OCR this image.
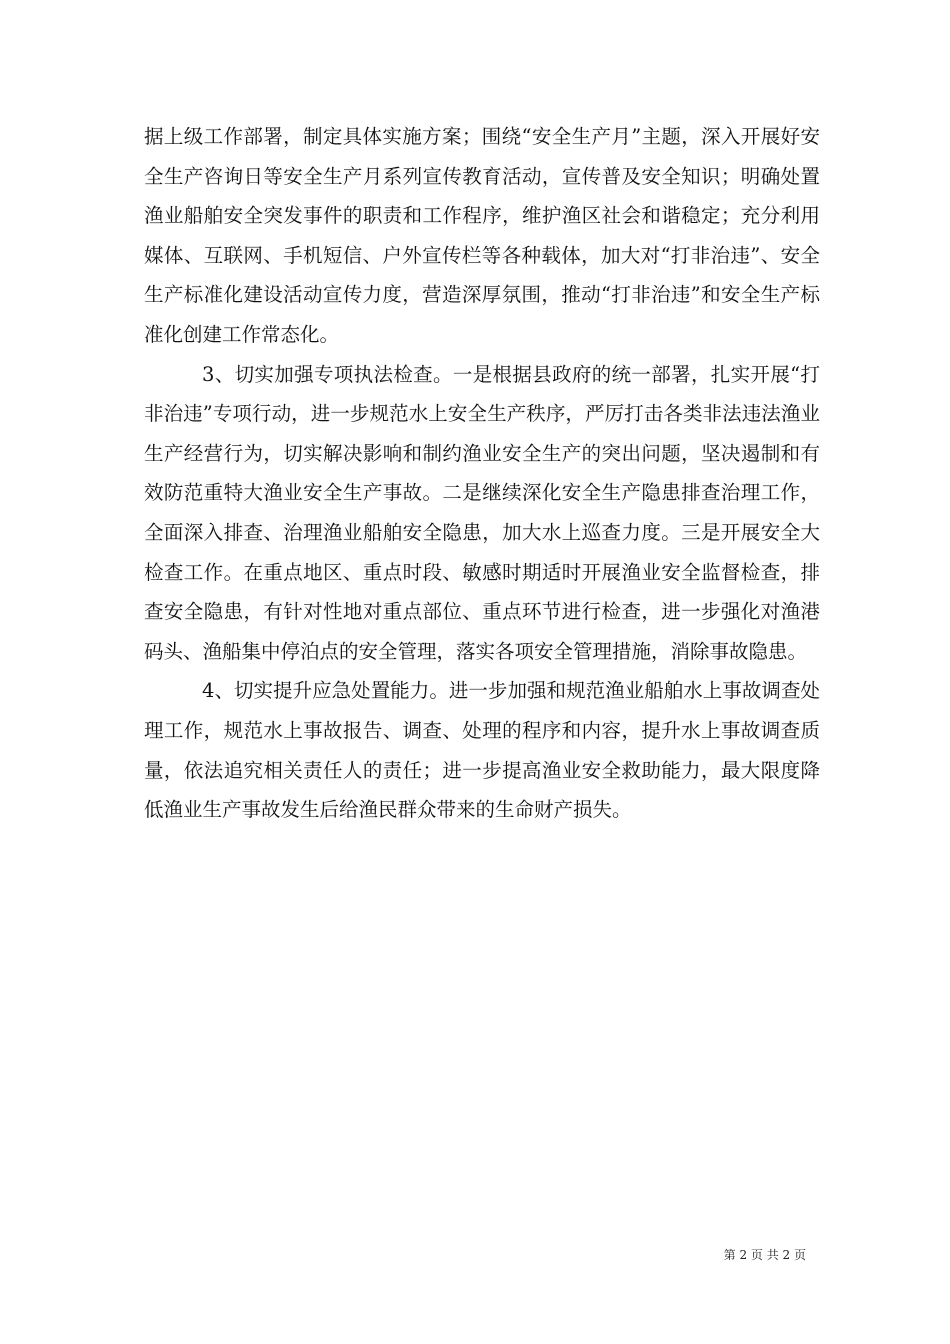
据上级工作部署，制定具体实施方案；围绕“安全生产月”主题，深入开展好安全生产咨询日等安全生产月系列宣传教育活动，宣传普及安全知识；明确处置渔业船舶安全突发事件的职责和工作程序，维护渔区社会和谐稳定；充分利用媒体、互联网、手机短信、户外宣传栏等各种载体，加大对“打非治违”、安全生产标准化建设活动宣传力度，营造深厚氛围，推动“打非治违”和安全生产标准化创建工作常态化。

3、切实加强专项执法检查。一是根据县政府的统一部署，扎实开展“打非治违”专项行动，进一步规范水上安全生产秩序，严厉打击各类非法违法渔业生产经营行为，切实解决影响和制约渔业安全生产的突出问题，坚决遏制和有效防范重特大渔业安全生产事故。二是继续深化安全生产隐患排查治理工作，全面深入排查、治理渔业船舶安全隐患，加大水上巡查力度。三是开展安全大检查工作。在重点地区、重点时段、敏感时期适时开展渔业安全监督检查，排查安全隐患，有针对性地对重点部位、重点环节进行检查，进一步强化对渔港码头、渔船集中停泊点的安全管理，落实各项安全管理措施，消除事故隐患。

4、切实提升应急处置能力。进一步加强和规范渔业船舶水上事故调查处理工作，规范水上事故报告、调查、处理的程序和内容，提升水上事故调查质量，依法追究相关责任人的责任；进一步提高渔业安全救助能力，最大限度降低渔业生产事故发生后给渔民群众带来的生命财产损失。

第 2 页 共 2 页
